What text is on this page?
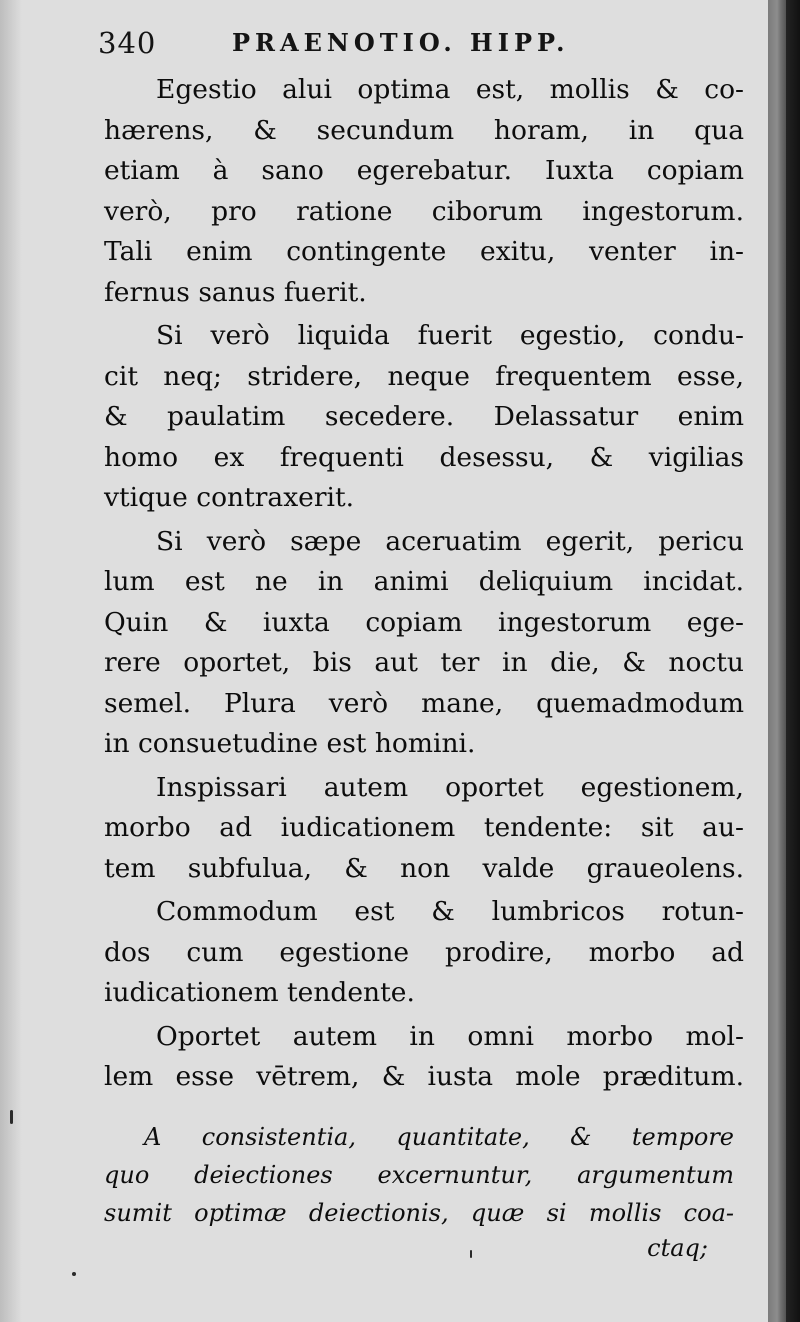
340	PRAENOTIO. HIPP.
Egestio alui optima est, mollis & co-
hærens, & secundum horam, in qua
etiam à sano egerebatur. Iuxta copiam
verò, pro ratione ciborum ingestorum.
Tali enim contingente exitu, venter in-
fernus sanus fuerit.
Si verò liquida fuerit egestio, condu-
cit neq; stridere, neque frequentem esse,
& paulatim secedere. Delassatur enim
homo ex frequenti desessu, & vigilias
vtique contraxerit.
Si verò sæpe aceruatim egerit, pericu
lum est ne in animi deliquium incidat.
Quin & iuxta copiam ingestorum ege-
rere oportet, bis aut ter in die, & noctu
semel. Plura verò mane, quemadmodum
in consuetudine est homini.
Inspissari autem oportet egestionem,
morbo ad iudicationem tendente: sit au-
tem subfulua, & non valde graueolens.
Commodum est & lumbricos rotun-
dos cum egestione prodire, morbo ad
iudicationem tendente.
Oportet autem in omni morbo mol-
lem esse vētrem, & iusta mole præditum.
A consistentia, quantitate, & tempore
quo deiectiones excernuntur, argumentum
sumit optimæ deiectionis, quæ si mollis coa-
ctaq;
